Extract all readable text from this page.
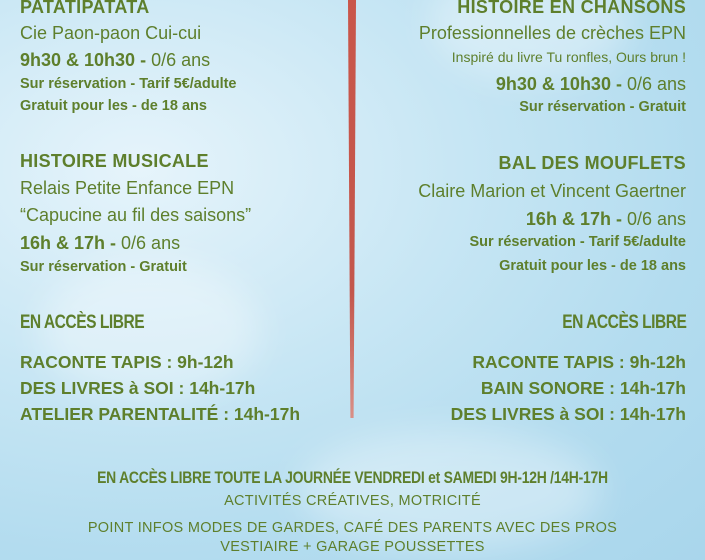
PATATIPATATA
Cie Paon-paon Cui-cui
9h30 & 10h30 - 0/6 ans
Sur réservation - Tarif 5€/adulte
Gratuit pour les - de 18 ans
HISTOIRE MUSICALE
Relais Petite Enfance EPN
“Capucine au fil des saisons”
16h & 17h - 0/6 ans
Sur réservation - Gratuit
EN ACCÈS LIBRE
RACONTE TAPIS : 9h-12h
DES LIVRES à SOI : 14h-17h
ATELIER PARENTALITÉ : 14h-17h
HISTOIRE EN CHANSONS
Professionnelles de crèches EPN
Inspiré du livre Tu ronfles, Ours brun !
9h30 & 10h30 - 0/6 ans
Sur réservation - Gratuit
BAL DES MOUFLETS
Claire Marion et Vincent Gaertner
16h & 17h - 0/6 ans
Sur réservation - Tarif 5€/adulte
Gratuit pour les - de 18 ans
EN ACCÈS LIBRE
RACONTE TAPIS : 9h-12h
BAIN SONORE : 14h-17h
DES LIVRES à SOI : 14h-17h
EN ACCÈS LIBRE TOUTE LA JOURNÉE VENDREDI et SAMEDI 9H-12H /14H-17H
ACTIVITÉS CRÉATIVES, MOTRICITÉ
POINT INFOS MODES DE GARDES, CAFÉ DES PARENTS AVEC DES PROS
VESTIAIRE + GARAGE POUSSETTES
